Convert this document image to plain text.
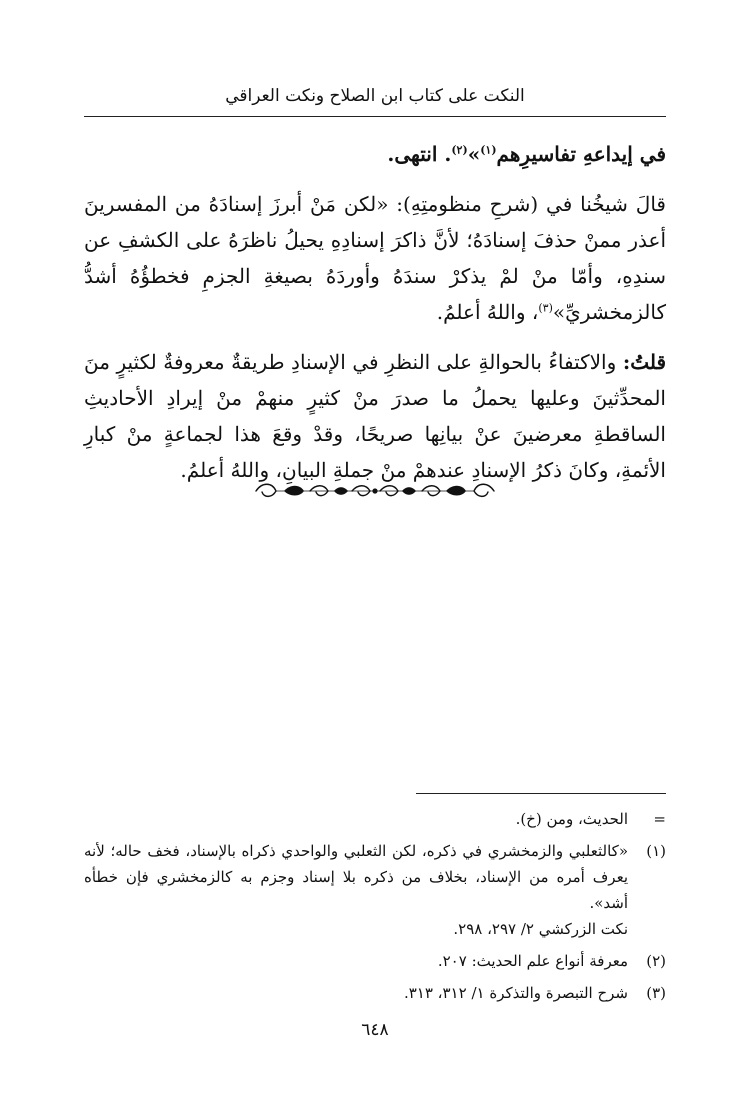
النكت على كتاب ابن الصلاح ونكت العراقي

في إيداعهِ تفاسيرِهم$^{(١)}$»$^{(٢)}$. انتهى.

قالَ شيخُنا في (شرحِ منظومتِهِ): «لكن مَنْ أبرزَ إسنادَهُ من المفسرينَ أعذر ممنْ حذفَ إسنادَهُ؛ لأنَّ ذاكرَ إسنادِهِ يحيلُ ناظرَهُ على الكشفِ عن سندِهِ، وأمّا منْ لمْ يذكرْ سندَهُ وأوردَهُ بصيغةِ الجزمِ فخطؤُهُ أشدُّ كالزمخشريِّ»$^{(٣)}$، واللهُ أعلمُ.

قلتُ: والاكتفاءُ بالحوالةِ على النظرِ في الإسنادِ طريقةٌ معروفةٌ لكثيرٍ منَ المحدِّثينَ وعليها يحملُ ما صدرَ منْ كثيرٍ منهمْ منْ إيرادِ الأحاديثِ الساقطةِ معرضينَ عنْ بيانِها صريحًا، وقدْ وقعَ هذا لجماعةٍ منْ كبارِ الأئمةِ، وكانَ ذكرُ الإسنادِ عندهمْ منْ جملةِ البيانِ، واللهُ أعلمُ.

=
الحديث، ومن (خ).
(١)
«كالثعلبي والزمخشري في ذكره، لكن الثعلبي والواحدي ذكراه بالإسناد، فخف حاله؛ لأنه يعرف أمره من الإسناد، بخلاف من ذكره بلا إسناد وجزم به كالزمخشري فإن خطأه أشد».
نكت الزركشي ٢/ ٢٩٧، ٢٩٨.
(٢)
معرفة أنواع علم الحديث: ٢٠٧.
(٣)
شرح التبصرة والتذكرة ١/ ٣١٢، ٣١٣.
٦٤٨
